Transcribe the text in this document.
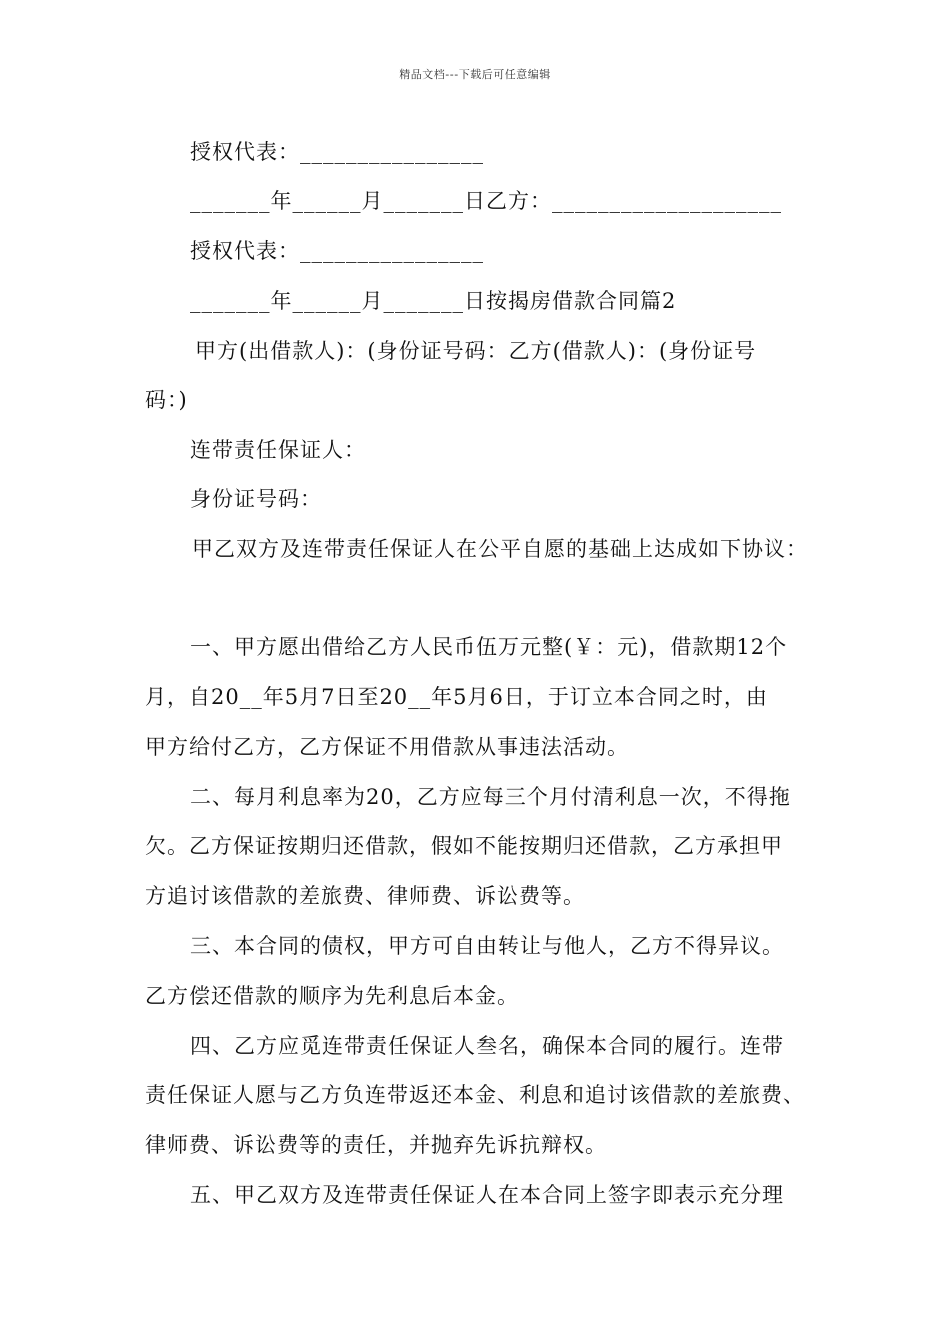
精品文档---下载后可任意编辑
授权代表：________________
_______年______月_______日乙方：____________________
授权代表：________________
_______年______月_______日按揭房借款合同篇2
甲方(出借款人)：(身份证号码：乙方(借款人)：(身份证号
码：)
连带责任保证人：
身份证号码：
甲乙双方及连带责任保证人在公平自愿的基础上达成如下协议：
一、甲方愿出借给乙方人民币伍万元整(￥：元)，借款期12个
月，自20__年5月7日至20__年5月6日，于订立本合同之时，由
甲方给付乙方，乙方保证不用借款从事违法活动。
二、每月利息率为20，乙方应每三个月付清利息一次，不得拖
欠。乙方保证按期归还借款，假如不能按期归还借款，乙方承担甲
方追讨该借款的差旅费、律师费、诉讼费等。
三、本合同的债权，甲方可自由转让与他人，乙方不得异议。
乙方偿还借款的顺序为先利息后本金。
四、乙方应觅连带责任保证人叁名，确保本合同的履行。连带
责任保证人愿与乙方负连带返还本金、利息和追讨该借款的差旅费、
律师费、诉讼费等的责任，并抛弃先诉抗辩权。
五、甲乙双方及连带责任保证人在本合同上签字即表示充分理
